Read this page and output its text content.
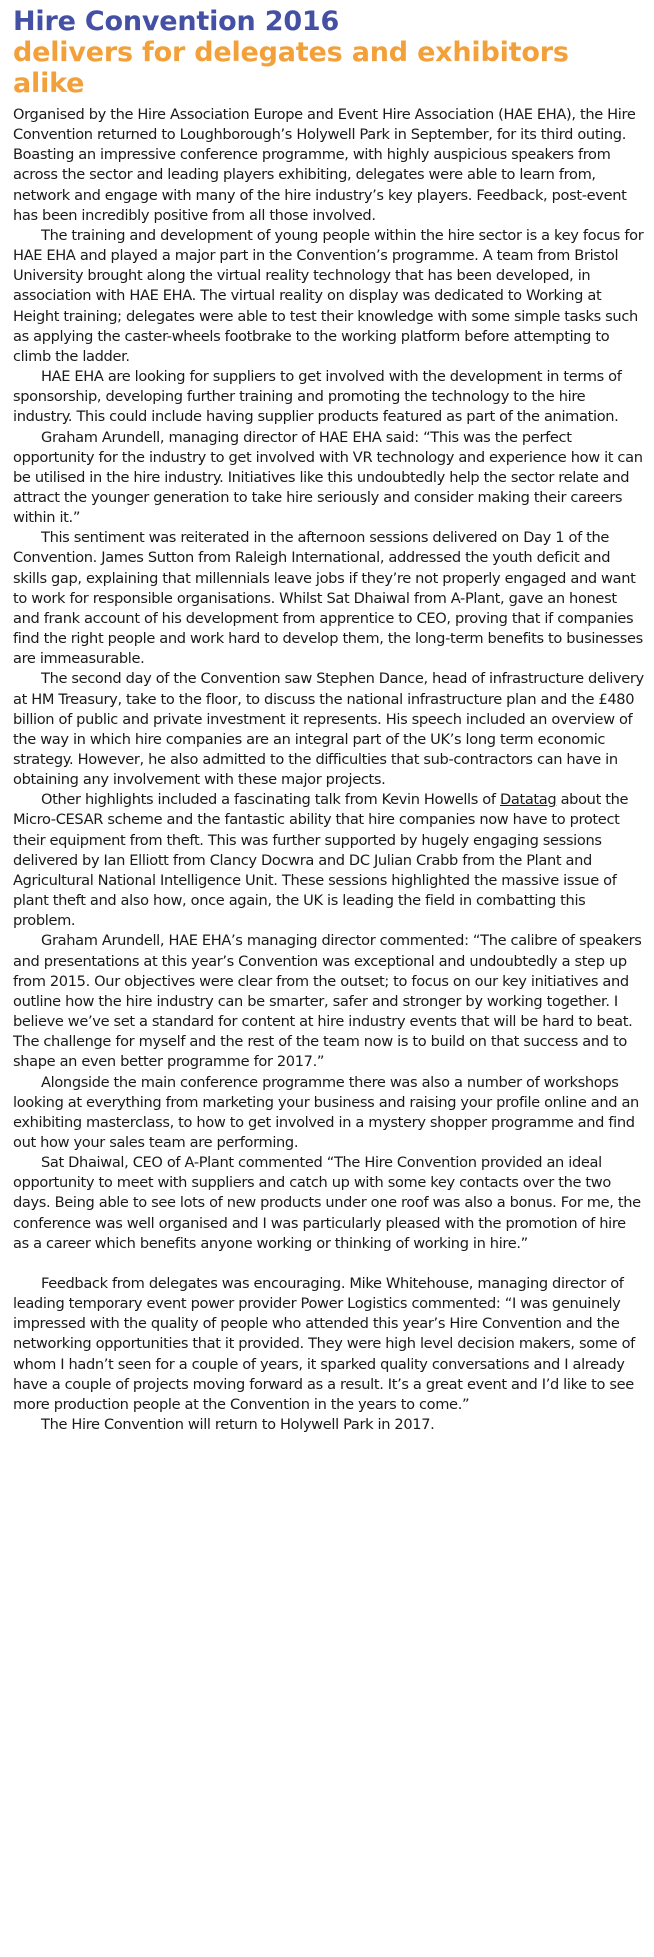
Hire Convention 2016
delivers for delegates and exhibitors alike

Organised by the Hire Association Europe and Event Hire Association (HAE EHA), the Hire Convention returned to Loughborough’s Holywell Park in September, for its third outing. Boasting an impressive conference programme, with highly auspicious speakers from across the sector and leading players exhibiting, delegates were able to learn from, network and engage with many of the hire industry’s key players. Feedback, post-event has been incredibly positive from all those involved.

The training and development of young people within the hire sector is a key focus for HAE EHA and played a major part in the Convention’s programme. A team from Bristol University brought along the virtual reality technology that has been developed, in association with HAE EHA. The virtual reality on display was dedicated to Working at Height training; delegates were able to test their knowledge with some simple tasks such as applying the caster-wheels footbrake to the working platform before attempting to climb the ladder.

HAE EHA are looking for suppliers to get involved with the development in terms of sponsorship, developing further training and promoting the technology to the hire industry. This could include having supplier products featured as part of the animation.

Graham Arundell, managing director of HAE EHA said: “This was the perfect opportunity for the industry to get involved with VR technology and experience how it can be utilised in the hire industry. Initiatives like this undoubtedly help the sector relate and attract the younger generation to take hire seriously and consider making their careers within it.”

This sentiment was reiterated in the afternoon sessions delivered on Day 1 of the Convention. James Sutton from Raleigh International, addressed the youth deficit and skills gap, explaining that millennials leave jobs if they’re not properly engaged and want to work for responsible organisations. Whilst Sat Dhaiwal from A-Plant, gave an honest and frank account of his development from apprentice to CEO, proving that if companies find the right people and work hard to develop them, the long-term benefits to businesses are immeasurable.

The second day of the Convention saw Stephen Dance, head of infrastructure delivery at HM Treasury, take to the floor, to discuss the national infrastructure plan and the £480 billion of public and private investment it represents. His speech included an overview of the way in which hire companies are an integral part of the UK’s long term economic strategy. However, he also admitted to the difficulties that sub-contractors can have in obtaining any involvement with these major projects.

Other highlights included a fascinating talk from Kevin Howells of Datatag about the Micro-CESAR scheme and the fantastic ability that hire companies now have to protect their equipment from theft. This was further supported by hugely engaging sessions delivered by Ian Elliott from Clancy Docwra and DC Julian Crabb from the Plant and Agricultural National Intelligence Unit. These sessions highlighted the massive issue of plant theft and also how, once again, the UK is leading the field in combatting this problem.

Graham Arundell, HAE EHA’s managing director commented: “The calibre of speakers and presentations at this year’s Convention was exceptional and undoubtedly a step up from 2015. Our objectives were clear from the outset; to focus on our key initiatives and outline how the hire industry can be smarter, safer and stronger by working together. I believe we’ve set a standard for content at hire industry events that will be hard to beat. The challenge for myself and the rest of the team now is to build on that success and to shape an even better programme for 2017.”

Alongside the main conference programme there was also a number of workshops looking at everything from marketing your business and raising your profile online and an exhibiting masterclass, to how to get involved in a mystery shopper programme and find out how your sales team are performing.

Sat Dhaiwal, CEO of A-Plant commented “The Hire Convention provided an ideal opportunity to meet with suppliers and catch up with some key contacts over the two days. Being able to see lots of new products under one roof was also a bonus. For me, the conference was well organised and I was particularly pleased with the promotion of hire as a career which benefits anyone working or thinking of working in hire.”

Feedback from delegates was encouraging. Mike Whitehouse, managing director of leading temporary event power provider Power Logistics commented: “I was genuinely impressed with the quality of people who attended this year’s Hire Convention and the networking opportunities that it provided. They were high level decision makers, some of whom I hadn’t seen for a couple of years, it sparked quality conversations and I already have a couple of projects moving forward as a result. It’s a great event and I’d like to see more production people at the Convention in the years to come.”

The Hire Convention will return to Holywell Park in 2017.
